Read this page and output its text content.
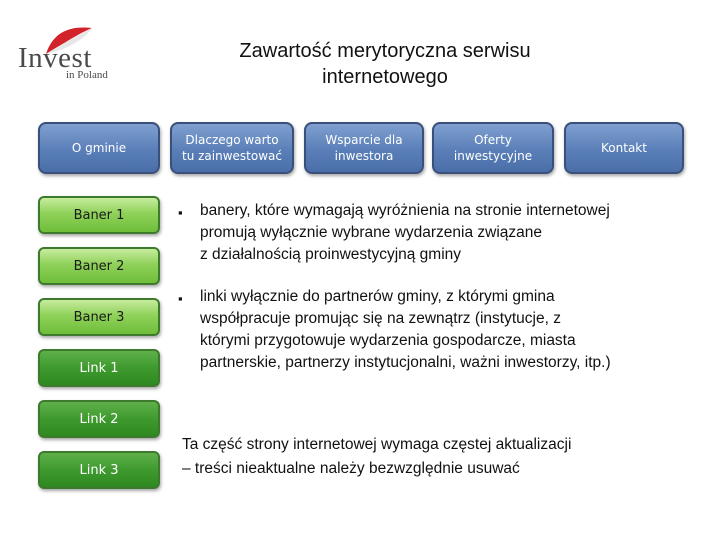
Invest
in Poland
Zawartość merytoryczna serwisu
internetowego
O gminie
Dlaczego warto
tu zainwestować
Wsparcie dla
inwestora
Oferty
inwestycyjne
Kontakt
Baner 1
Baner 2
Baner 3
Link 1
Link 2
Link 3
▪ banery, które wymagają wyróżnienia na stronie internetowej
promują wyłącznie wybrane wydarzenia związane
z działalnością proinwestycyjną gminy
▪ linki wyłącznie do partnerów gminy, z którymi gmina
współpracuje promując się na zewnątrz (instytucje, z
którymi przygotowuje wydarzenia gospodarcze, miasta
partnerskie, partnerzy instytucjonalni, ważni inwestorzy, itp.)
Ta część strony internetowej wymaga częstej aktualizacji
– treści nieaktualne należy bezwzględnie usuwać
